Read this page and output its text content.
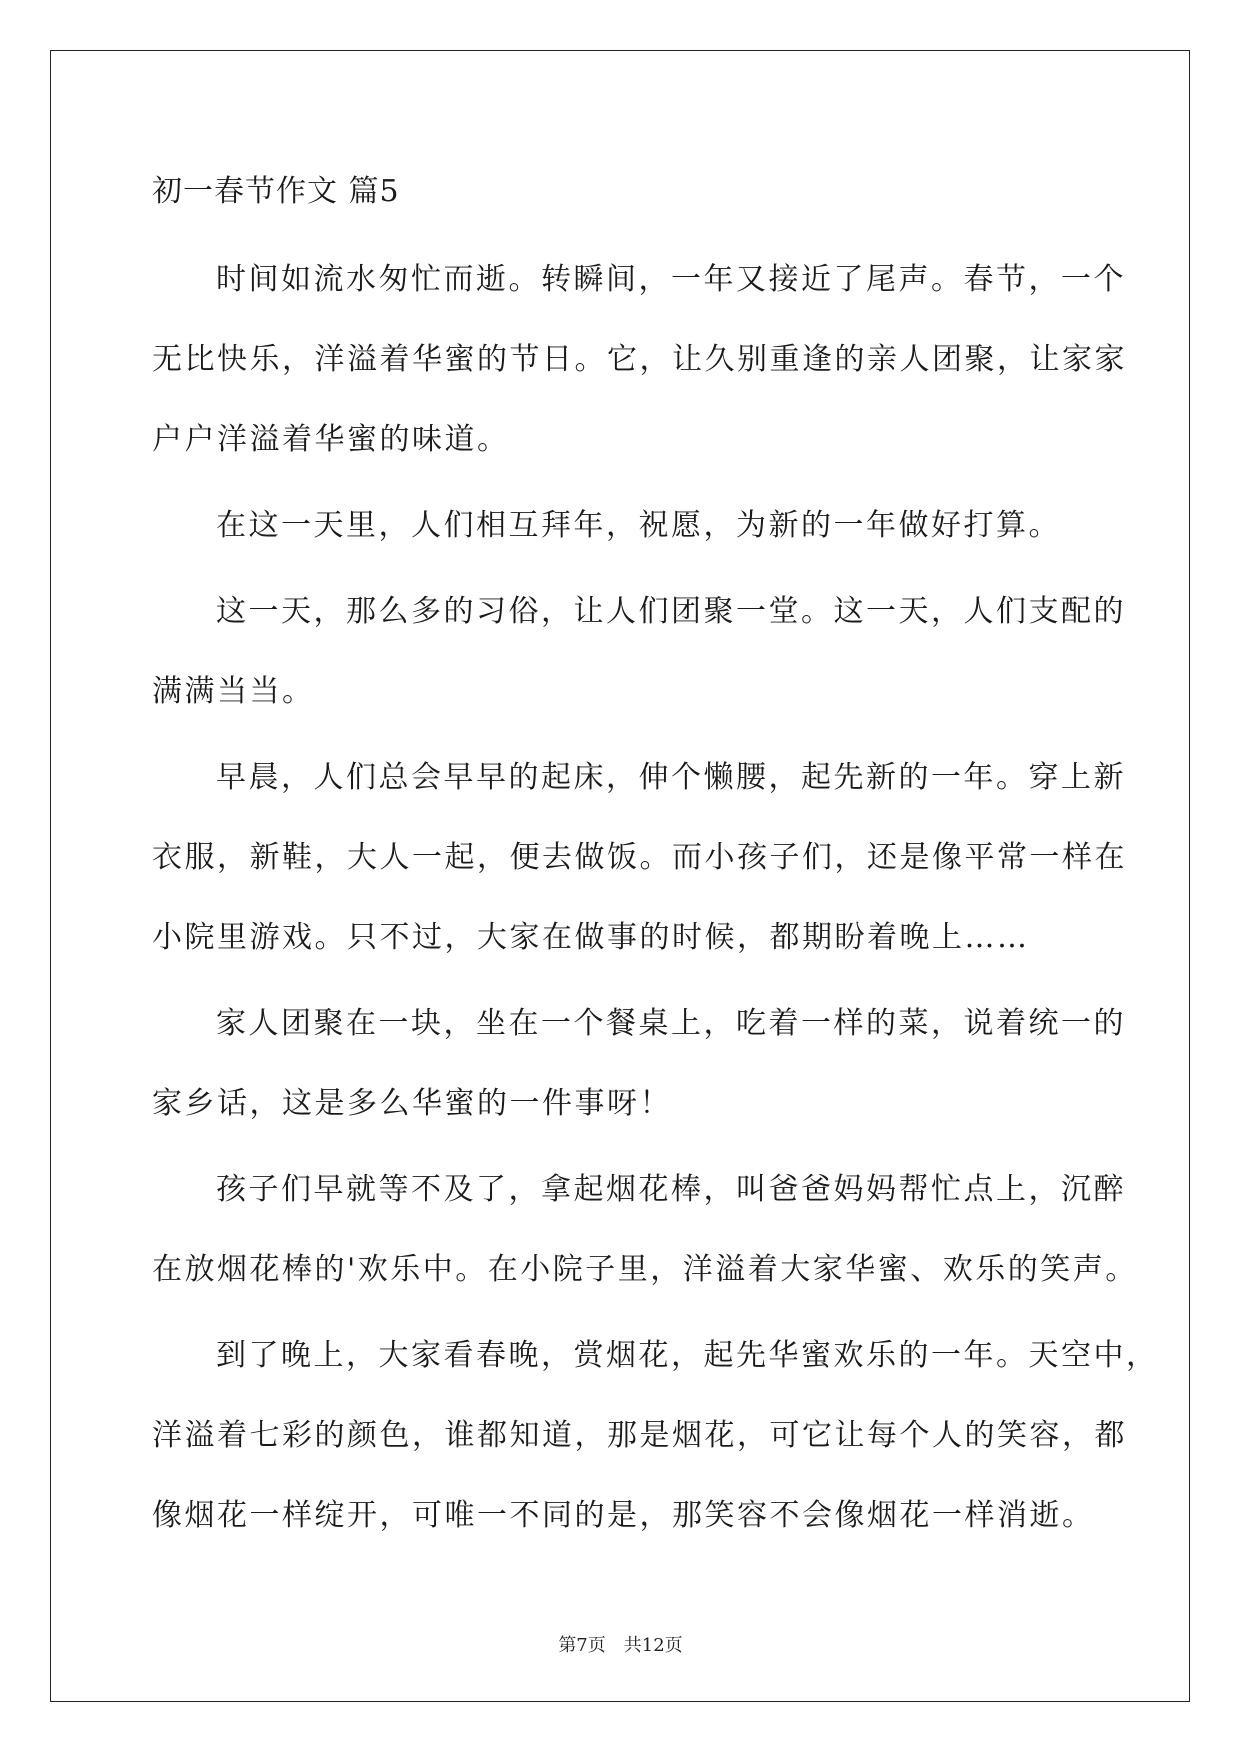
初一春节作文 篇5
时间如流水匆忙而逝。转瞬间，一年又接近了尾声。春节，一个
无比快乐，洋溢着华蜜的节日。它，让久别重逢的亲人团聚，让家家
户户洋溢着华蜜的味道。
在这一天里，人们相互拜年，祝愿，为新的一年做好打算。
这一天，那么多的习俗，让人们团聚一堂。这一天，人们支配的
满满当当。
早晨，人们总会早早的起床，伸个懒腰，起先新的一年。穿上新
衣服，新鞋，大人一起，便去做饭。而小孩子们，还是像平常一样在
小院里游戏。只不过，大家在做事的时候，都期盼着晚上……
家人团聚在一块，坐在一个餐桌上，吃着一样的菜，说着统一的
家乡话，这是多么华蜜的一件事呀！
孩子们早就等不及了，拿起烟花棒，叫爸爸妈妈帮忙点上，沉醉
在放烟花棒的'欢乐中。在小院子里，洋溢着大家华蜜、欢乐的笑声。
到了晚上，大家看春晚，赏烟花，起先华蜜欢乐的一年。天空中，
洋溢着七彩的颜色，谁都知道，那是烟花，可它让每个人的笑容，都
像烟花一样绽开，可唯一不同的是，那笑容不会像烟花一样消逝。
第7页　共12页
